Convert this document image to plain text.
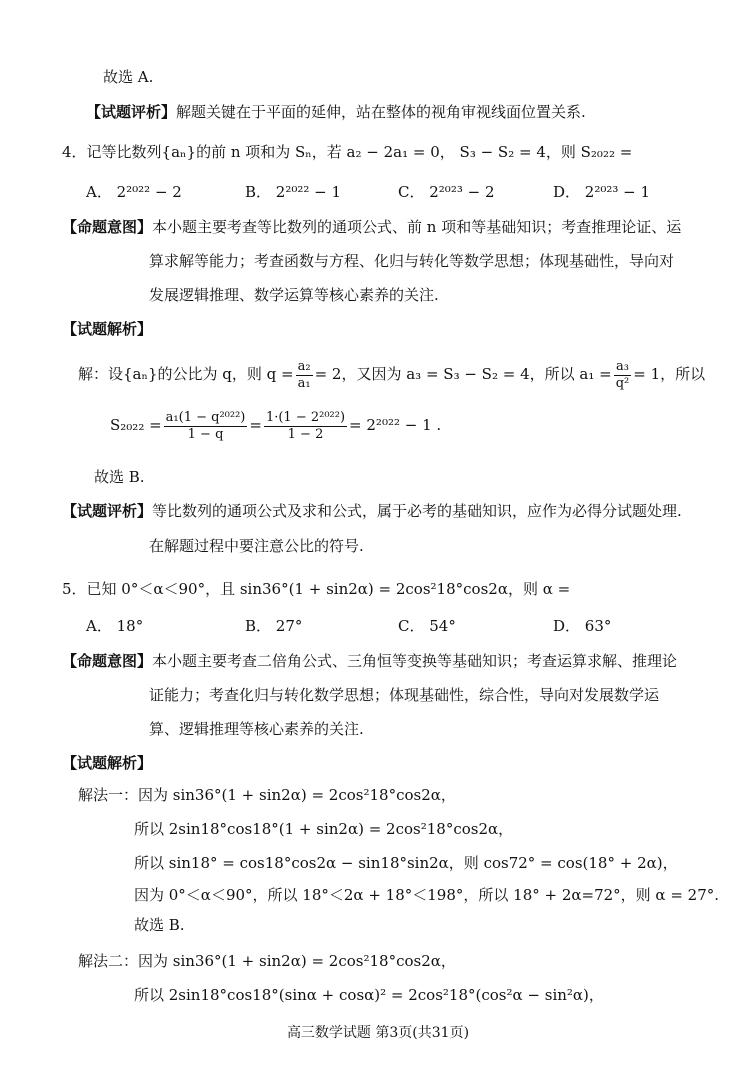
故选 A.
【试题评析】解题关键在于平面的延伸，站在整体的视角审视线面位置关系.
4．记等比数列{aₙ}的前 n 项和为 Sₙ，若 a₂ − 2a₁ = 0， S₃ − S₂ = 4，则 S₂₀₂₂ =
A． 2²⁰²² − 2	B． 2²⁰²² − 1	C． 2²⁰²³ − 2	D． 2²⁰²³ − 1
【命题意图】本小题主要考查等比数列的通项公式、前 n 项和等基础知识；考查推理论证、运
算求解等能力；考查函数与方程、化归与转化等数学思想；体现基础性，导向对
发展逻辑推理、数学运算等核心素养的关注.
【试题解析】
解：设{aₙ}的公比为 q，则 $q = \frac{\text{a₂}}{\text{a₁}} = 2$，又因为 a₃ = S₃ − S₂ = 4，所以 $a_1 = \frac{\text{a₃}}{\text{q²}} = 1$，所以
$S_{2022} = \frac{\text{a₁(1 − q²⁰²²)}}{1 - q} = \frac{\text{1·(1 − 2²⁰²²)}}{1 - 2} = 2^{2022} - 1$ .
故选 B.
【试题评析】等比数列的通项公式及求和公式，属于必考的基础知识，应作为必得分试题处理.
在解题过程中要注意公比的符号.
5．已知 0°＜α＜90°，且 sin36°(1 + sin2α) = 2cos²18°cos2α，则 α =
A． 18°	B． 27°	C． 54°	D． 63°
【命题意图】本小题主要考查二倍角公式、三角恒等变换等基础知识；考查运算求解、推理论
证能力；考查化归与转化数学思想；体现基础性，综合性，导向对发展数学运
算、逻辑推理等核心素养的关注.
【试题解析】
解法一：因为 sin36°(1 + sin2α) = 2cos²18°cos2α，
所以 2sin18°cos18°(1 + sin2α) = 2cos²18°cos2α，
所以 sin18° = cos18°cos2α − sin18°sin2α，则 cos72° = cos(18° + 2α)，
因为 0°＜α＜90°，所以 18°＜2α + 18°＜198°，所以 18° + 2α=72°，则 α = 27°.
故选 B.
解法二：因为 sin36°(1 + sin2α) = 2cos²18°cos2α，
所以 2sin18°cos18°(sinα + cosα)² = 2cos²18°(cos²α − sin²α)，
高三数学试题 第3页(共31页)
